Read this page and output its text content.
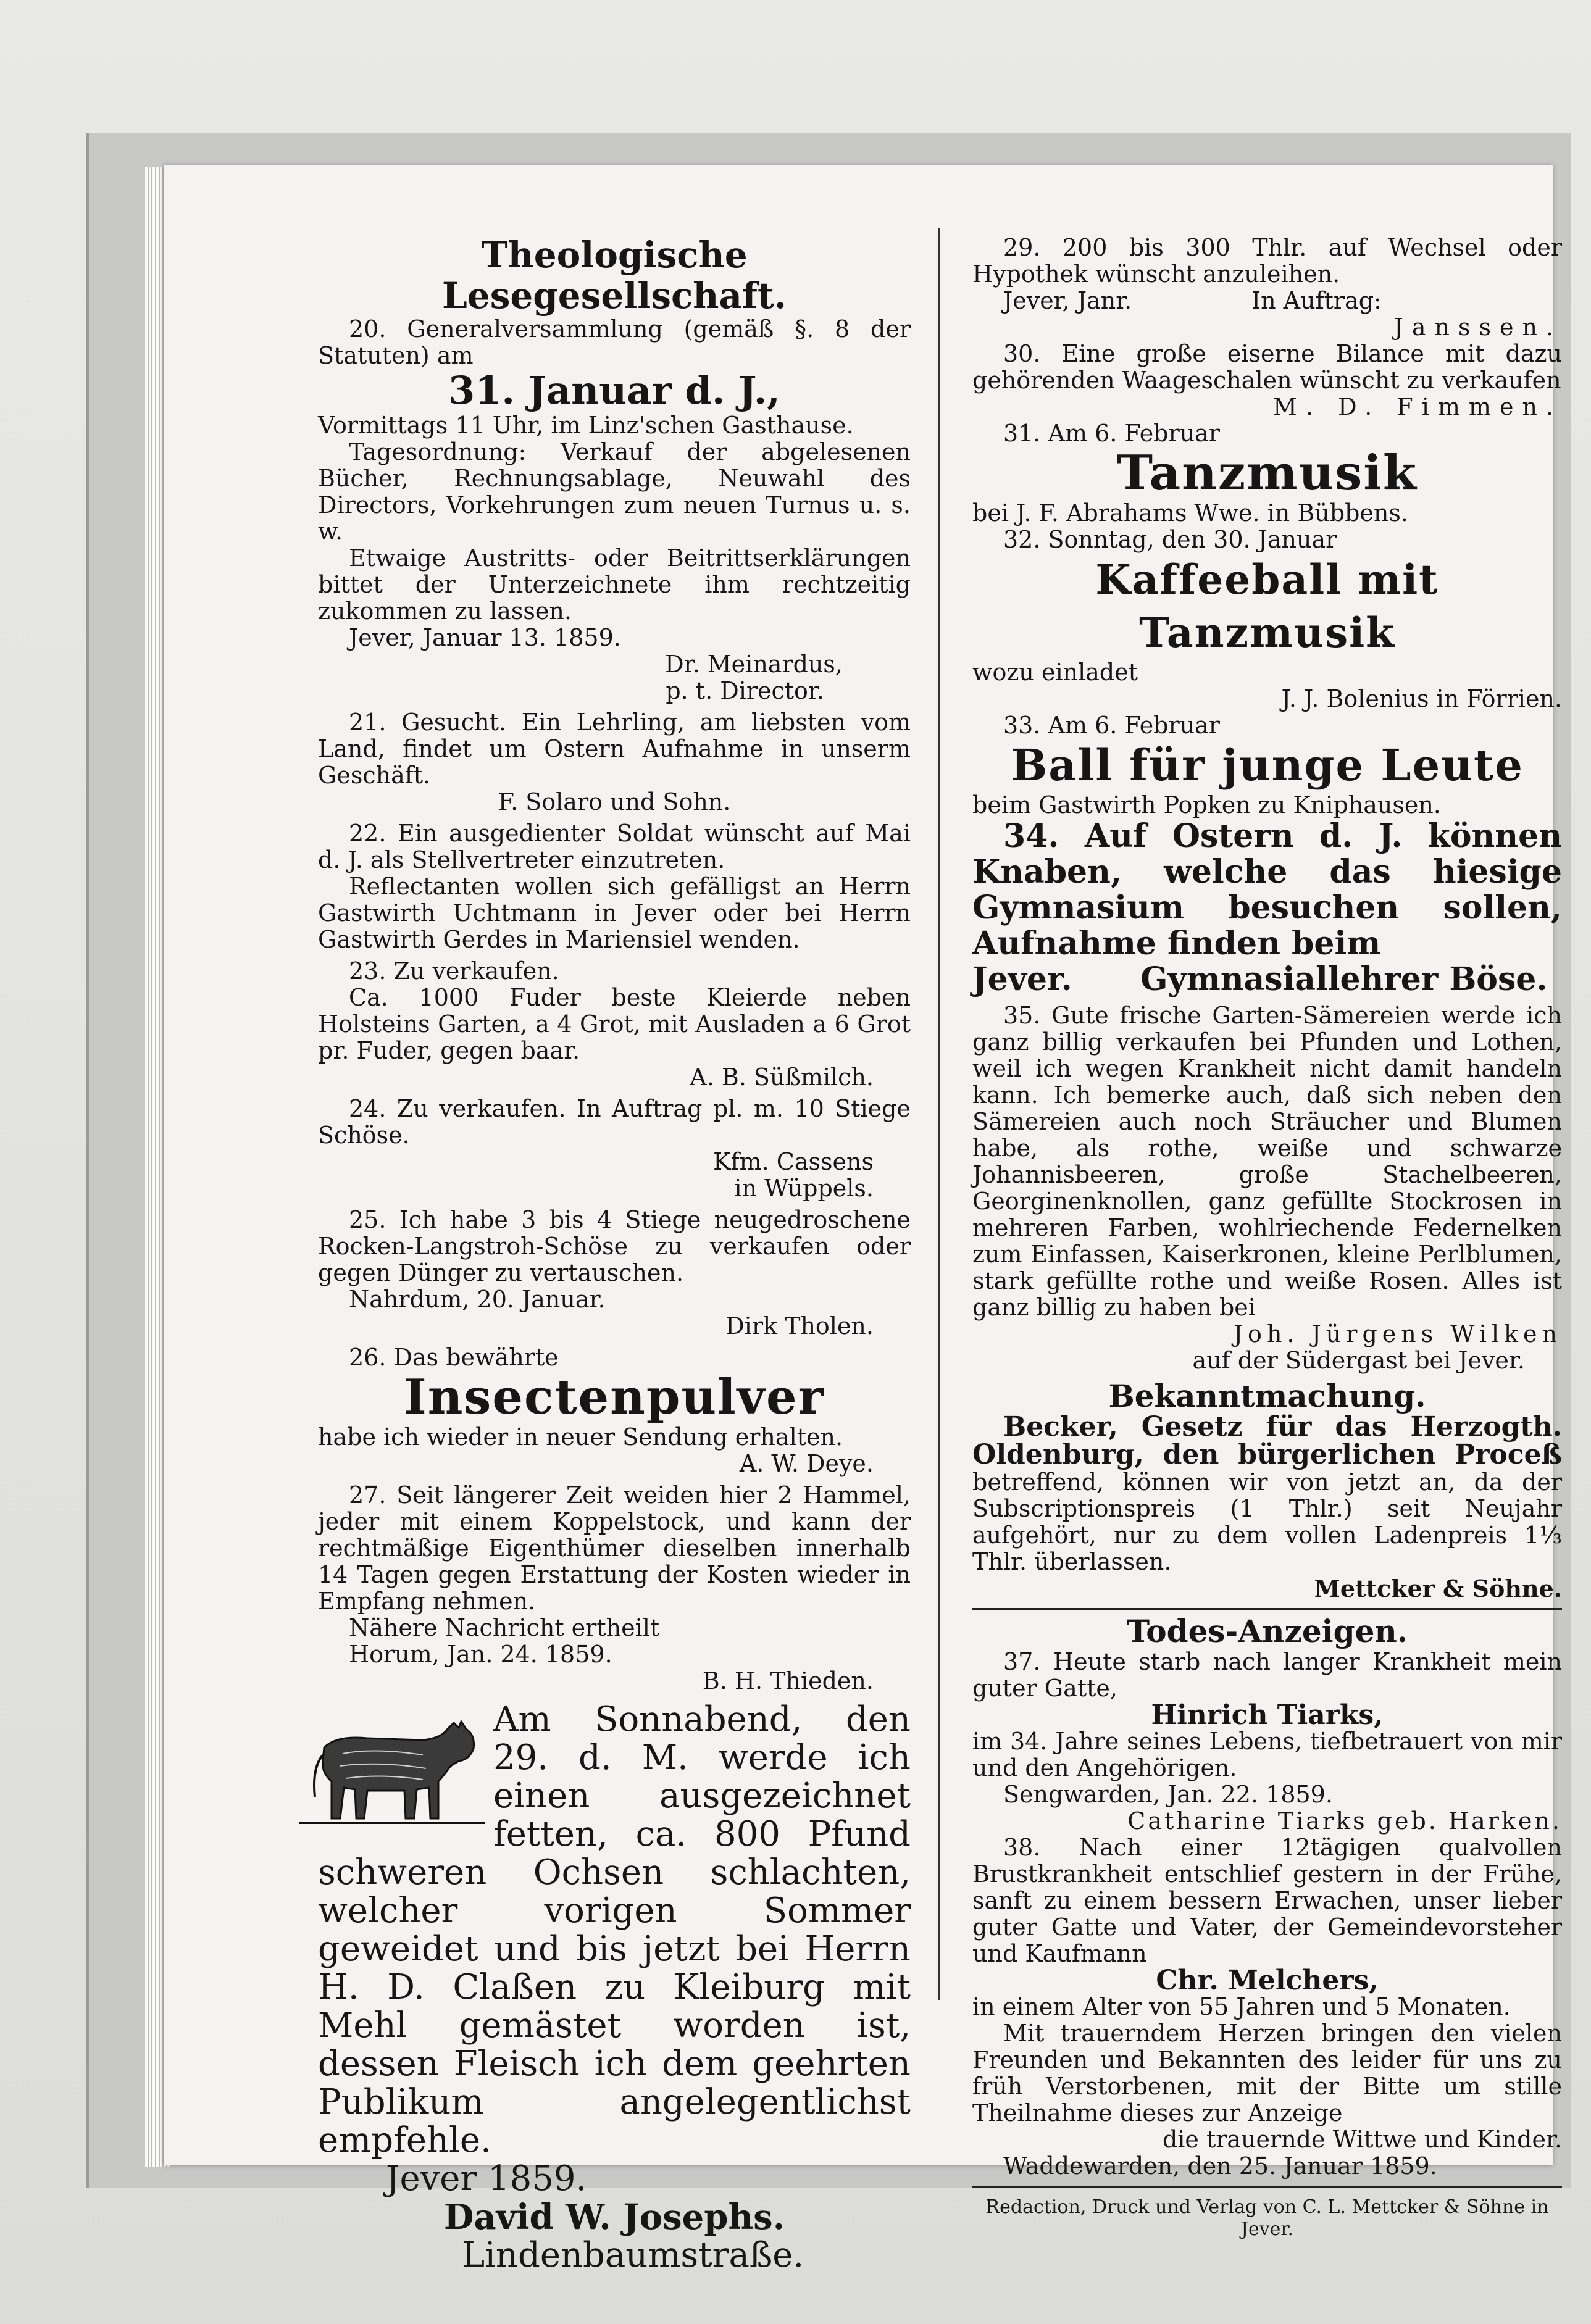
Theologische Lesegesellschaft.

20. Generalversammlung (gemäß §. 8 der Statuten) am

31. Januar d. J.,

Vormittags 11 Uhr, im Linz'schen Gasthause.

Tagesordnung: Verkauf der abgelesenen Bücher, Rechnungsablage, Neuwahl des Directors, Vorkehrungen zum neuen Turnus u. s. w.

Etwaige Austritts- oder Beitrittserklärungen bittet der Unterzeichnete ihm rechtzeitig zukommen zu lassen.

Jever, Januar 13. 1859.

Dr. Meinardus,

p. t. Director.

21. Gesucht. Ein Lehrling, am liebsten vom Land, findet um Ostern Aufnahme in unserm Geschäft.

F. Solaro und Sohn.

22. Ein ausgedienter Soldat wünscht auf Mai d. J. als Stellvertreter einzutreten.

Reflectanten wollen sich gefälligst an Herrn Gastwirth Uchtmann in Jever oder bei Herrn Gastwirth Gerdes in Mariensiel wenden.

23. Zu verkaufen.

Ca. 1000 Fuder beste Kleierde neben Holsteins Garten, a 4 Grot, mit Ausladen a 6 Grot pr. Fuder, gegen baar.

A. B. Süßmilch.

24. Zu verkaufen. In Auftrag pl. m. 10 Stiege Schöse.

Kfm. Cassens

in Wüppels.

25. Ich habe 3 bis 4 Stiege neugedroschene Rocken-Langstroh-Schöse zu verkaufen oder gegen Dünger zu vertauschen.

Nahrdum, 20. Januar.

Dirk Tholen.

26. Das bewährte

Insectenpulver

habe ich wieder in neuer Sendung erhalten.

A. W. Deye.

27. Seit längerer Zeit weiden hier 2 Hammel, jeder mit einem Koppelstock, und kann der rechtmäßige Eigenthümer dieselben innerhalb 14 Tagen gegen Erstattung der Kosten wieder in Empfang nehmen.

Nähere Nachricht ertheilt

Horum, Jan. 24. 1859.

B. H. Thieden.

Am Sonnabend, den 29. d. M. werde ich einen ausgezeichnet fetten, ca. 800 Pfund schweren Ochsen schlachten, welcher vorigen Sommer geweidet und bis jetzt bei Herrn H. D. Claßen zu Kleiburg mit Mehl gemästet worden ist, dessen Fleisch ich dem geehrten Publikum angelegentlichst empfehle.

Jever 1859.

David W. Josephs.

Lindenbaumstraße.

29. 200 bis 300 Thlr. auf Wechsel oder Hypothek wünscht anzuleihen.

Jever, Janr.

	In Auftrag:

Janssen.

30. Eine große eiserne Bilance mit dazu gehörenden Waageschalen wünscht zu verkaufen

M. D. Fimmen.

31. Am 6. Februar

Tanzmusik

bei J. F. Abrahams Wwe. in Bübbens.

32. Sonntag, den 30. Januar

Kaffeeball mit Tanzmusik

wozu einladet

J. J. Bolenius in Förrien.

33. Am 6. Februar

Ball für junge Leute

beim Gastwirth Popken zu Kniphausen.

34. Auf Ostern d. J. können Knaben, welche das hiesige Gymnasium besuchen sollen, Aufnahme finden beim

Jever.

Gymnasiallehrer Böse.

35. Gute frische Garten-Sämereien werde ich ganz billig verkaufen bei Pfunden und Lothen, weil ich wegen Krankheit nicht damit handeln kann. Ich bemerke auch, daß sich neben den Sämereien auch noch Sträucher und Blumen habe, als rothe, weiße und schwarze Johannisbeeren, große Stachelbeeren, Georginenknollen, ganz gefüllte Stockrosen in mehreren Farben, wohlriechende Federnelken zum Einfassen, Kaiserkronen, kleine Perlblumen, stark gefüllte rothe und weiße Rosen. Alles ist ganz billig zu haben bei

Joh. Jürgens Wilken

auf der Südergast bei Jever.

Bekanntmachung.

Becker, Gesetz für das Herzogth. Oldenburg, den bürgerlichen Proceß betreffend, können wir von jetzt an, da der Subscriptionspreis (1 Thlr.) seit Neujahr aufgehört, nur zu dem vollen Ladenpreis 1⅓ Thlr. überlassen.

Mettcker & Söhne.

Todes-Anzeigen.

37. Heute starb nach langer Krankheit mein guter Gatte,

Hinrich Tiarks,

im 34. Jahre seines Lebens, tiefbetrauert von mir und den Angehörigen.

Sengwarden, Jan. 22. 1859.

Catharine Tiarks geb. Harken.

38. Nach einer 12tägigen qualvollen Brustkrankheit entschlief gestern in der Frühe, sanft zu einem bessern Erwachen, unser lieber guter Gatte und Vater, der Gemeindevorsteher und Kaufmann

Chr. Melchers,

in einem Alter von 55 Jahren und 5 Monaten.

Mit trauerndem Herzen bringen den vielen Freunden und Bekannten des leider für uns zu früh Verstorbenen, mit der Bitte um stille Theilnahme dieses zur Anzeige

die trauernde Wittwe und Kinder.

Waddewarden, den 25. Januar 1859.

Redaction, Druck und Verlag von C. L. Mettcker & Söhne in Jever.
